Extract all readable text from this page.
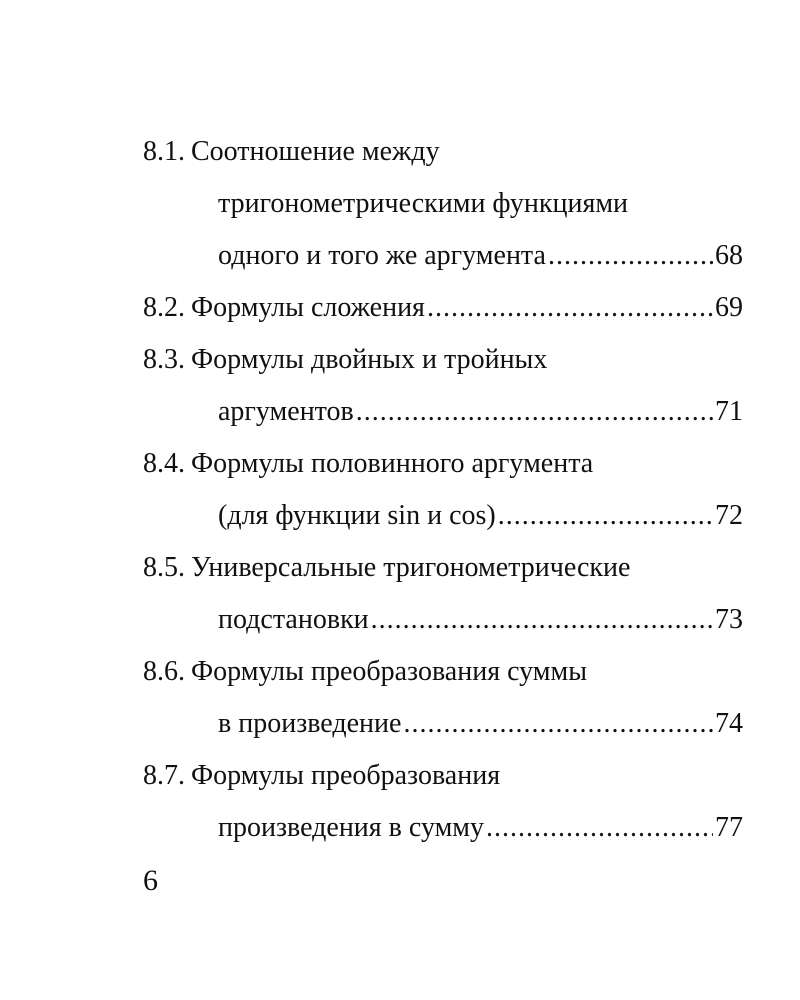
8.1. Соотношение между
тригонометрическими функциями
одного и того же аргумента .....	68
8.2. Формулы сложения .....	69
8.3. Формулы двойных и тройных
аргументов .....	71
8.4. Формулы половинного аргумента
(для функции sin и cos) .....	72
8.5. Универсальные тригонометрические
подстановки .....	73
8.6. Формулы преобразования суммы
в произведение .....	74
8.7. Формулы преобразования
произведения в сумму .....	77
6
